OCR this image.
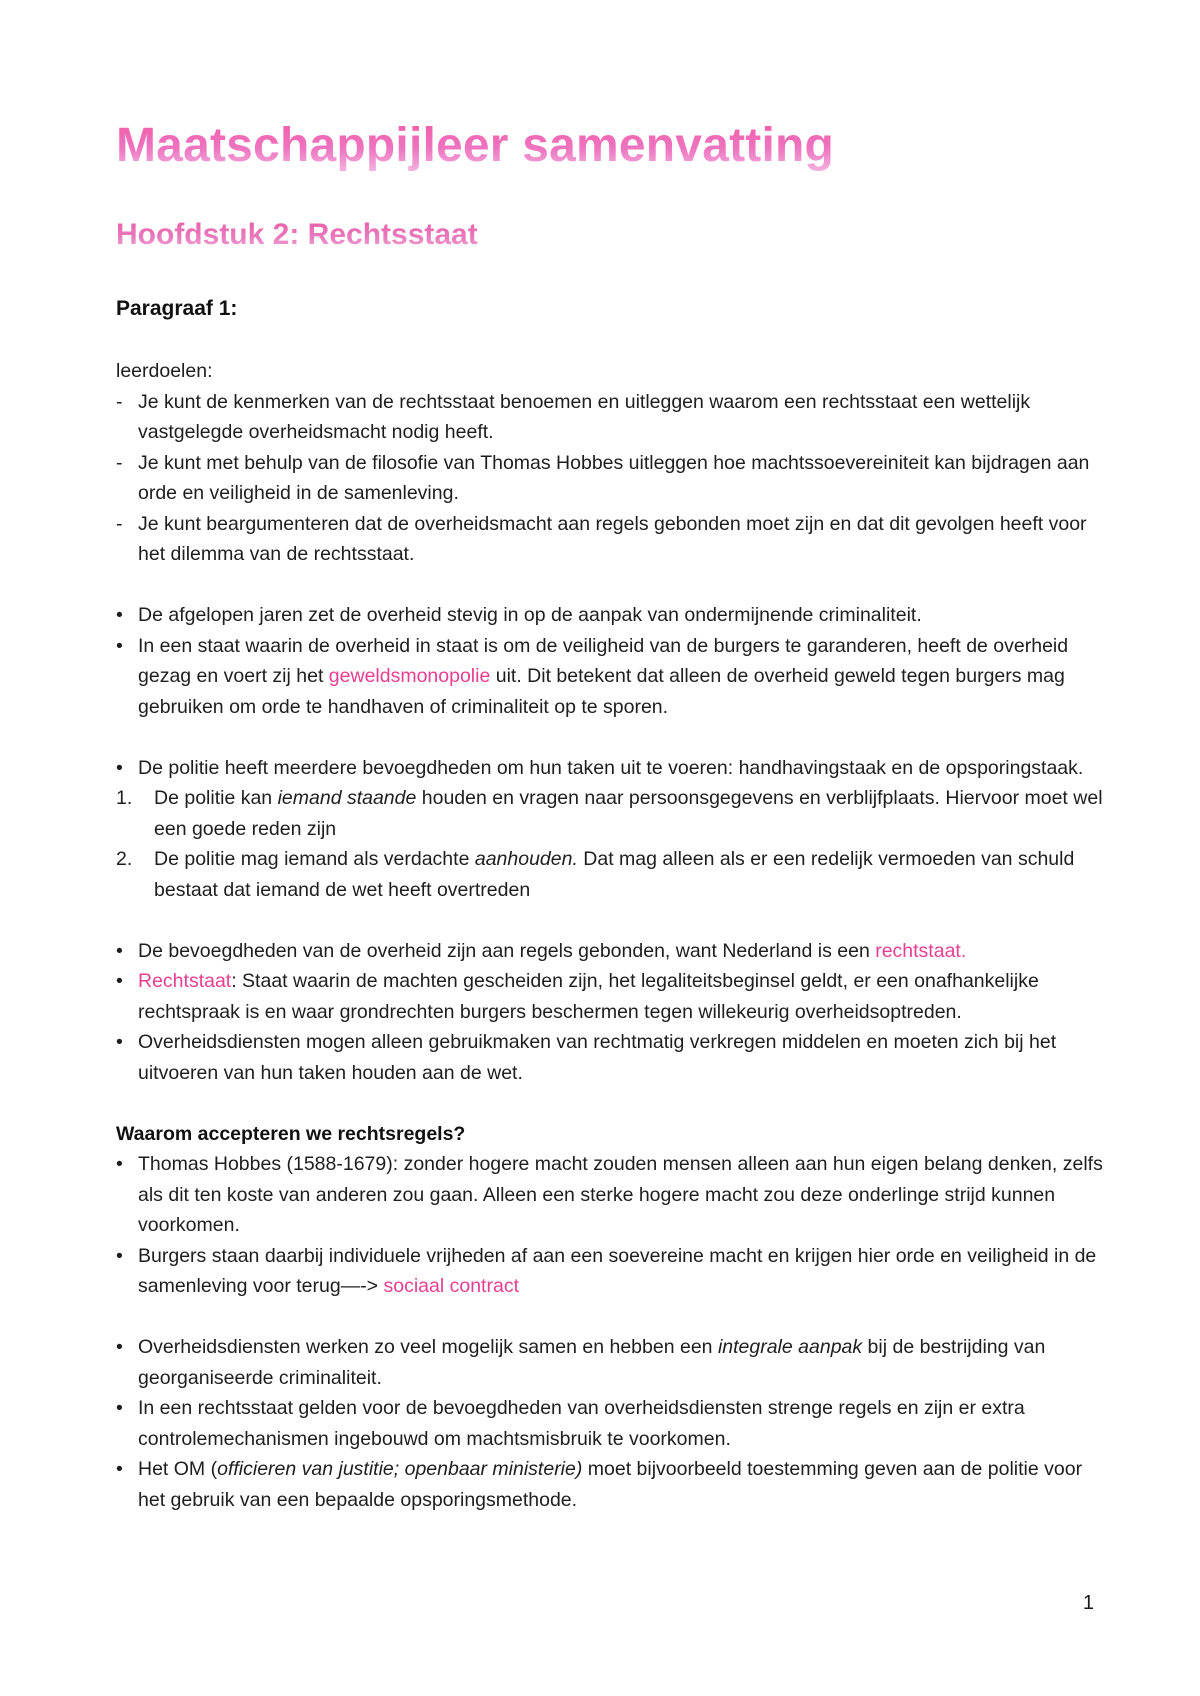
Maatschappijleer samenvatting
Hoofdstuk 2: Rechtsstaat
Paragraaf 1:

leerdoelen:

- Je kunt de kenmerken van de rechtsstaat benoemen en uitleggen waarom een rechtsstaat een wettelijk vastgelegde overheidsmacht nodig heeft.
- Je kunt met behulp van de filosofie van Thomas Hobbes uitleggen hoe machtssoevereiniteit kan bijdragen aan orde en veiligheid in de samenleving.
- Je kunt beargumenteren dat de overheidsmacht aan regels gebonden moet zijn en dat dit gevolgen heeft voor het dilemma van de rechtsstaat.
• De afgelopen jaren zet de overheid stevig in op de aanpak van ondermijnende criminaliteit.
• In een staat waarin de overheid in staat is om de veiligheid van de burgers te garanderen, heeft de overheid gezag en voert zij het geweldsmonopolie uit. Dit betekent dat alleen de overheid geweld tegen burgers mag gebruiken om orde te handhaven of criminaliteit op te sporen.
• De politie heeft meerdere bevoegdheden om hun taken uit te voeren: handhavingstaak en de opsporingstaak.
1. De politie kan iemand staande houden en vragen naar persoonsgegevens en verblijfplaats. Hiervoor moet wel een goede reden zijn
2. De politie mag iemand als verdachte aanhouden. Dat mag alleen als er een redelijk vermoeden van schuld bestaat dat iemand de wet heeft overtreden
• De bevoegdheden van de overheid zijn aan regels gebonden, want Nederland is een rechtstaat.
• Rechtstaat: Staat waarin de machten gescheiden zijn, het legaliteitsbeginsel geldt, er een onafhankelijke rechtspraak is en waar grondrechten burgers beschermen tegen willekeurig overheidsoptreden.
• Overheidsdiensten mogen alleen gebruikmaken van rechtmatig verkregen middelen en moeten zich bij het uitvoeren van hun taken houden aan de wet.

Waarom accepteren we rechtsregels?

• Thomas Hobbes (1588-1679): zonder hogere macht zouden mensen alleen aan hun eigen belang denken, zelfs als dit ten koste van anderen zou gaan. Alleen een sterke hogere macht zou deze onderlinge strijd kunnen voorkomen.
• Burgers staan daarbij individuele vrijheden af aan een soevereine macht en krijgen hier orde en veiligheid in de samenleving voor terug—-> sociaal contract
• Overheidsdiensten werken zo veel mogelijk samen en hebben een integrale aanpak bij de bestrijding van georganiseerde criminaliteit.
• In een rechtsstaat gelden voor de bevoegdheden van overheidsdiensten strenge regels en zijn er extra controlemechanismen ingebouwd om machtsmisbruik te voorkomen.
• Het OM (officieren van justitie; openbaar ministerie) moet bijvoorbeeld toestemming geven aan de politie voor het gebruik van een bepaalde opsporingsmethode.
1
